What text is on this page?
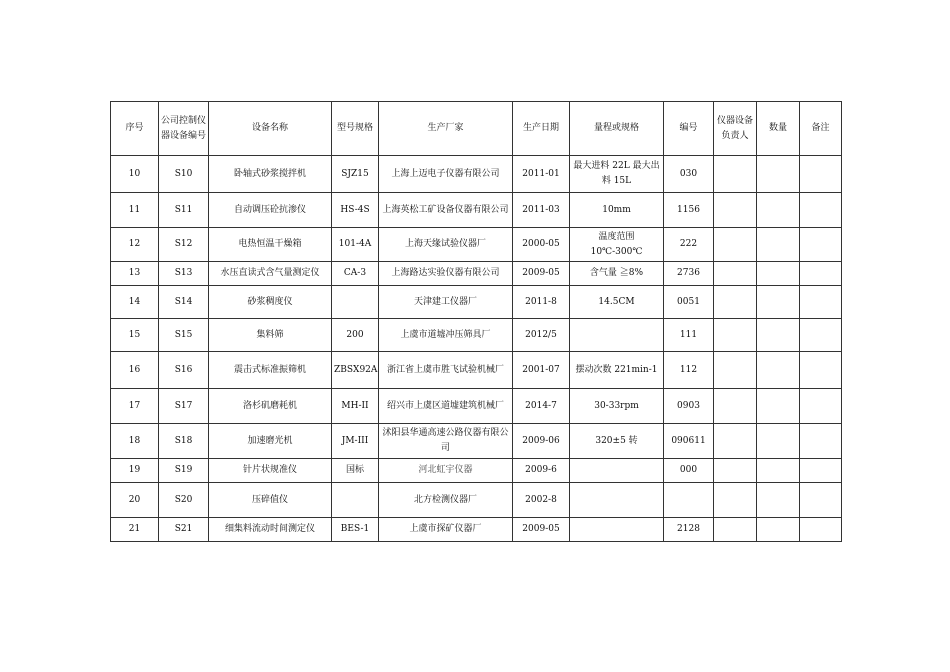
序号	公司控制仪器设备编号	设备名称	型号规格	生产厂家	生产日期	量程或规格	编号	仪器设备负责人	数量	备注
10	S10	卧轴式砂浆搅拌机	SJZ15	上海上迈电子仪器有限公司	2011-01	最大进料 22L 最大出料 15L	030			
11	S11	自动调压砼抗渗仪	HS-4S	上海英松工矿设备仪器有限公司	2011-03	10mm	1156			
12	S12	电热恒温干燥箱	101-4A	上海天缘试验仪器厂	2000-05	温度范围 10℃-300℃	222			
13	S13	水压直读式含气量测定仪	CA-3	上海路达实验仪器有限公司	2009-05	含气量 ≧8%	2736			
14	S14	砂浆稠度仪		天津建工仪器厂	2011-8	14.5CM	0051			
15	S15	集料筛	200	上虞市道墟冲压筛具厂	2012/5		111			
16	S16	震击式标准振筛机	ZBSX92A	浙江省上虞市胜飞试验机械厂	2001-07	摆动次数 221min-1	112			
17	S17	洛杉矶磨耗机	MH-II	绍兴市上虞区道墟建筑机械厂	2014-7	30-33rpm	0903			
18	S18	加速磨光机	JM-III	沭阳县华通高速公路仪器有限公司	2009-06	320±5 转	090611			
19	S19	针片状规准仪	国标	河北虹宇仪器	2009-6		000			
20	S20	压碎值仪		北方检测仪器厂	2002-8					
21	S21	细集料流动时间测定仪	BES-1	上虞市探矿仪器厂	2009-05		2128			
